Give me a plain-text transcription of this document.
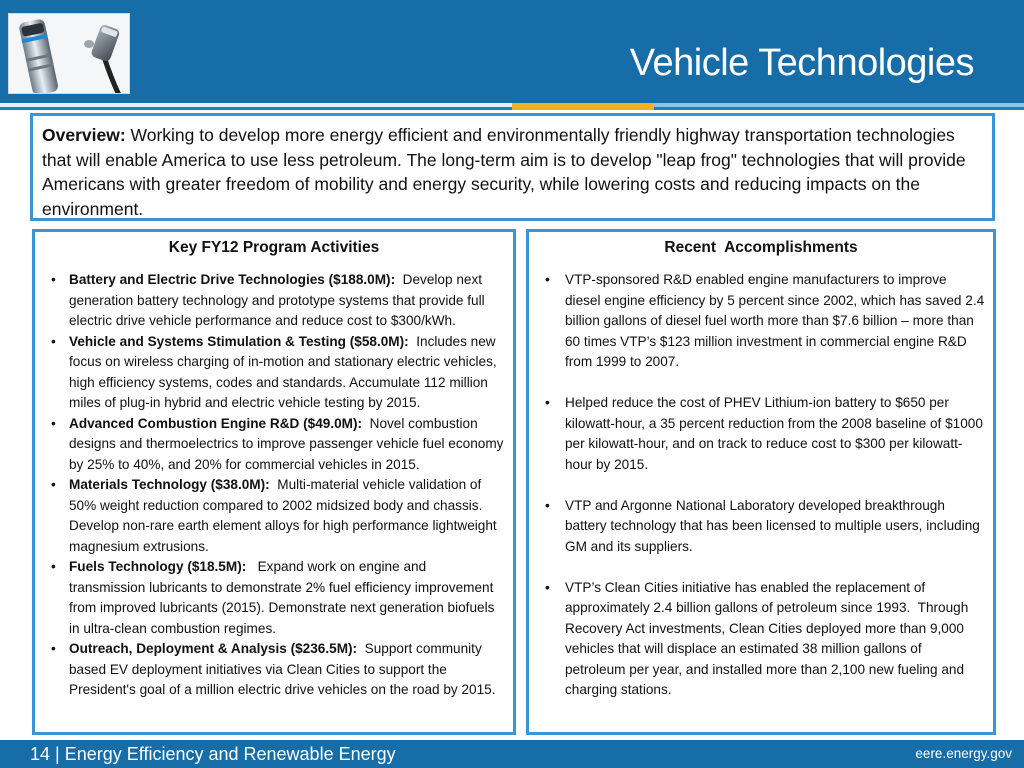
Vehicle Technologies
Overview: Working to develop more energy efficient and environmentally friendly highway transportation technologies that will enable America to use less petroleum. The long-term aim is to develop "leap frog" technologies that will provide Americans with greater freedom of mobility and energy security, while lowering costs and reducing impacts on the environment.
Key FY12 Program Activities
• Battery and Electric Drive Technologies ($188.0M): Develop next generation battery technology and prototype systems that provide full electric drive vehicle performance and reduce cost to $300/kWh.
• Vehicle and Systems Stimulation & Testing ($58.0M): Includes new focus on wireless charging of in-motion and stationary electric vehicles, high efficiency systems, codes and standards. Accumulate 112 million miles of plug-in hybrid and electric vehicle testing by 2015.
• Advanced Combustion Engine R&D ($49.0M): Novel combustion designs and thermoelectrics to improve passenger vehicle fuel economy by 25% to 40%, and 20% for commercial vehicles in 2015.
• Materials Technology ($38.0M): Multi-material vehicle validation of 50% weight reduction compared to 2002 midsized body and chassis. Develop non-rare earth element alloys for high performance lightweight magnesium extrusions.
• Fuels Technology ($18.5M): Expand work on engine and transmission lubricants to demonstrate 2% fuel efficiency improvement from improved lubricants (2015). Demonstrate next generation biofuels in ultra-clean combustion regimes.
• Outreach, Deployment & Analysis ($236.5M): Support community based EV deployment initiatives via Clean Cities to support the President's goal of a million electric drive vehicles on the road by 2015.
Recent  Accomplishments
• VTP-sponsored R&D enabled engine manufacturers to improve diesel engine efficiency by 5 percent since 2002, which has saved 2.4 billion gallons of diesel fuel worth more than $7.6 billion – more than 60 times VTP’s $123 million investment in commercial engine R&D from 1999 to 2007.
• Helped reduce the cost of PHEV Lithium-ion battery to $650 per kilowatt-hour, a 35 percent reduction from the 2008 baseline of $1000 per kilowatt-hour, and on track to reduce cost to $300 per kilowatt-hour by 2015.
• VTP and Argonne National Laboratory developed breakthrough battery technology that has been licensed to multiple users, including GM and its suppliers.
• VTP’s Clean Cities initiative has enabled the replacement of approximately 2.4 billion gallons of petroleum since 1993.  Through Recovery Act investments, Clean Cities deployed more than 9,000 vehicles that will displace an estimated 38 million gallons of petroleum per year, and installed more than 2,100 new fueling and charging stations.
14 | Energy Efficiency and Renewable Energy	eere.energy.gov
